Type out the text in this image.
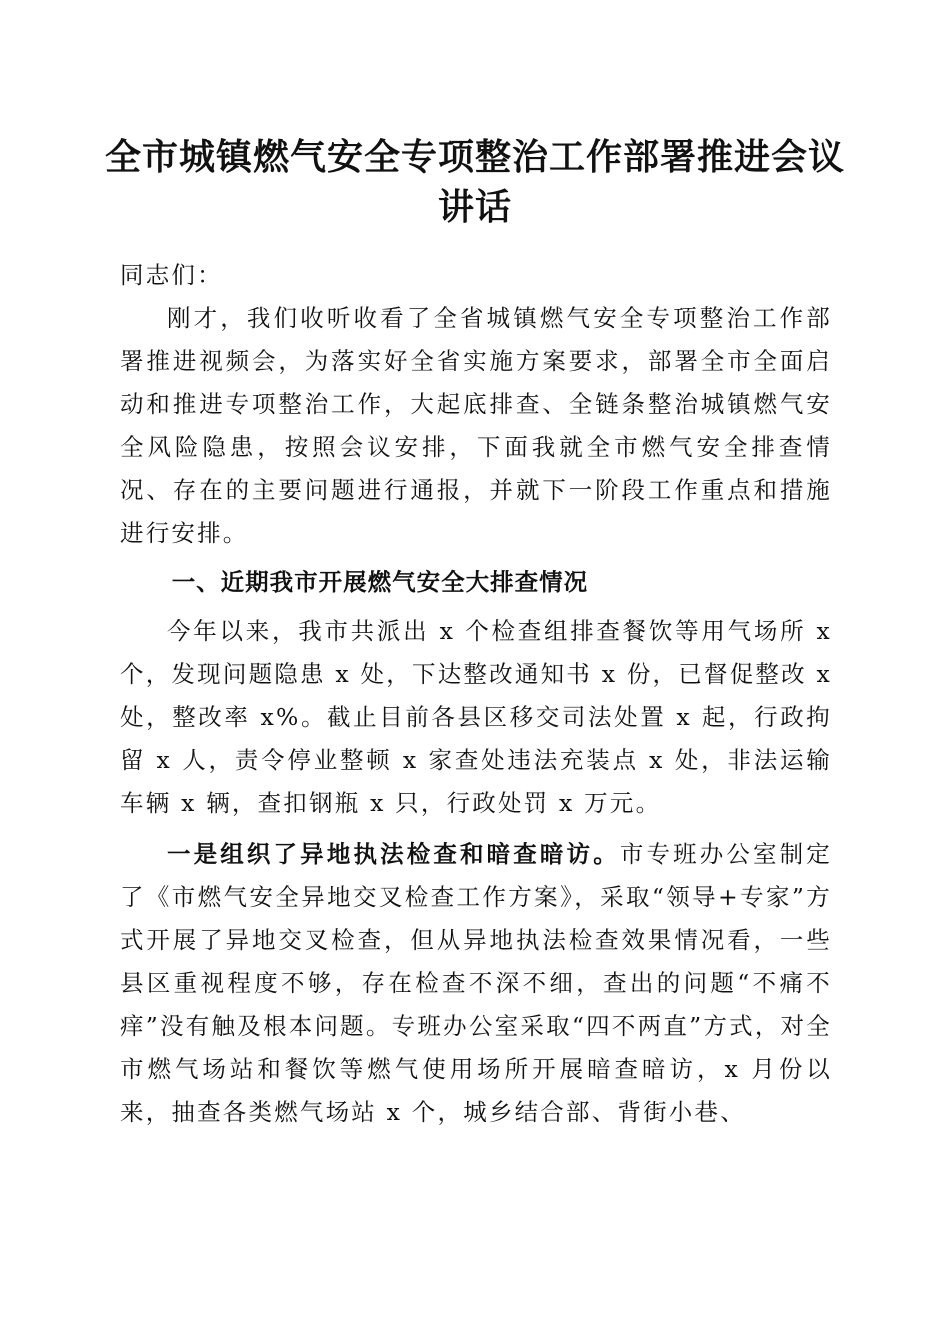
全市城镇燃气安全专项整治工作部署推进会议
讲话

同志们：

刚才，我们收听收看了全省城镇燃气安全专项整治工作部署推进视频会，为落实好全省实施方案要求，部署全市全面启动和推进专项整治工作，大起底排查、全链条整治城镇燃气安全风险隐患，按照会议安排，下面我就全市燃气安全排查情况、存在的主要问题进行通报，并就下一阶段工作重点和措施进行安排。

一、近期我市开展燃气安全大排查情况

今年以来，我市共派出 x 个检查组排查餐饮等用气场所 x 个，发现问题隐患 x 处，下达整改通知书 x 份，已督促整改 x 处，整改率 x%。截止目前各县区移交司法处置 x 起，行政拘留 x 人，责令停业整顿 x 家查处违法充装点 x 处，非法运输车辆 x 辆，查扣钢瓶 x 只，行政处罚 x 万元。

一是组织了异地执法检查和暗查暗访。市专班办公室制定了《市燃气安全异地交叉检查工作方案》，采取“领导+专家”方式开展了异地交叉检查，但从异地执法检查效果情况看，一些县区重视程度不够，存在检查不深不细，查出的问题“不痛不痒”没有触及根本问题。专班办公室采取“四不两直”方式，对全市燃气场站和餐饮等燃气使用场所开展暗查暗访，x 月份以来，抽查各类燃气场站 x 个，城乡结合部、背街小巷、
